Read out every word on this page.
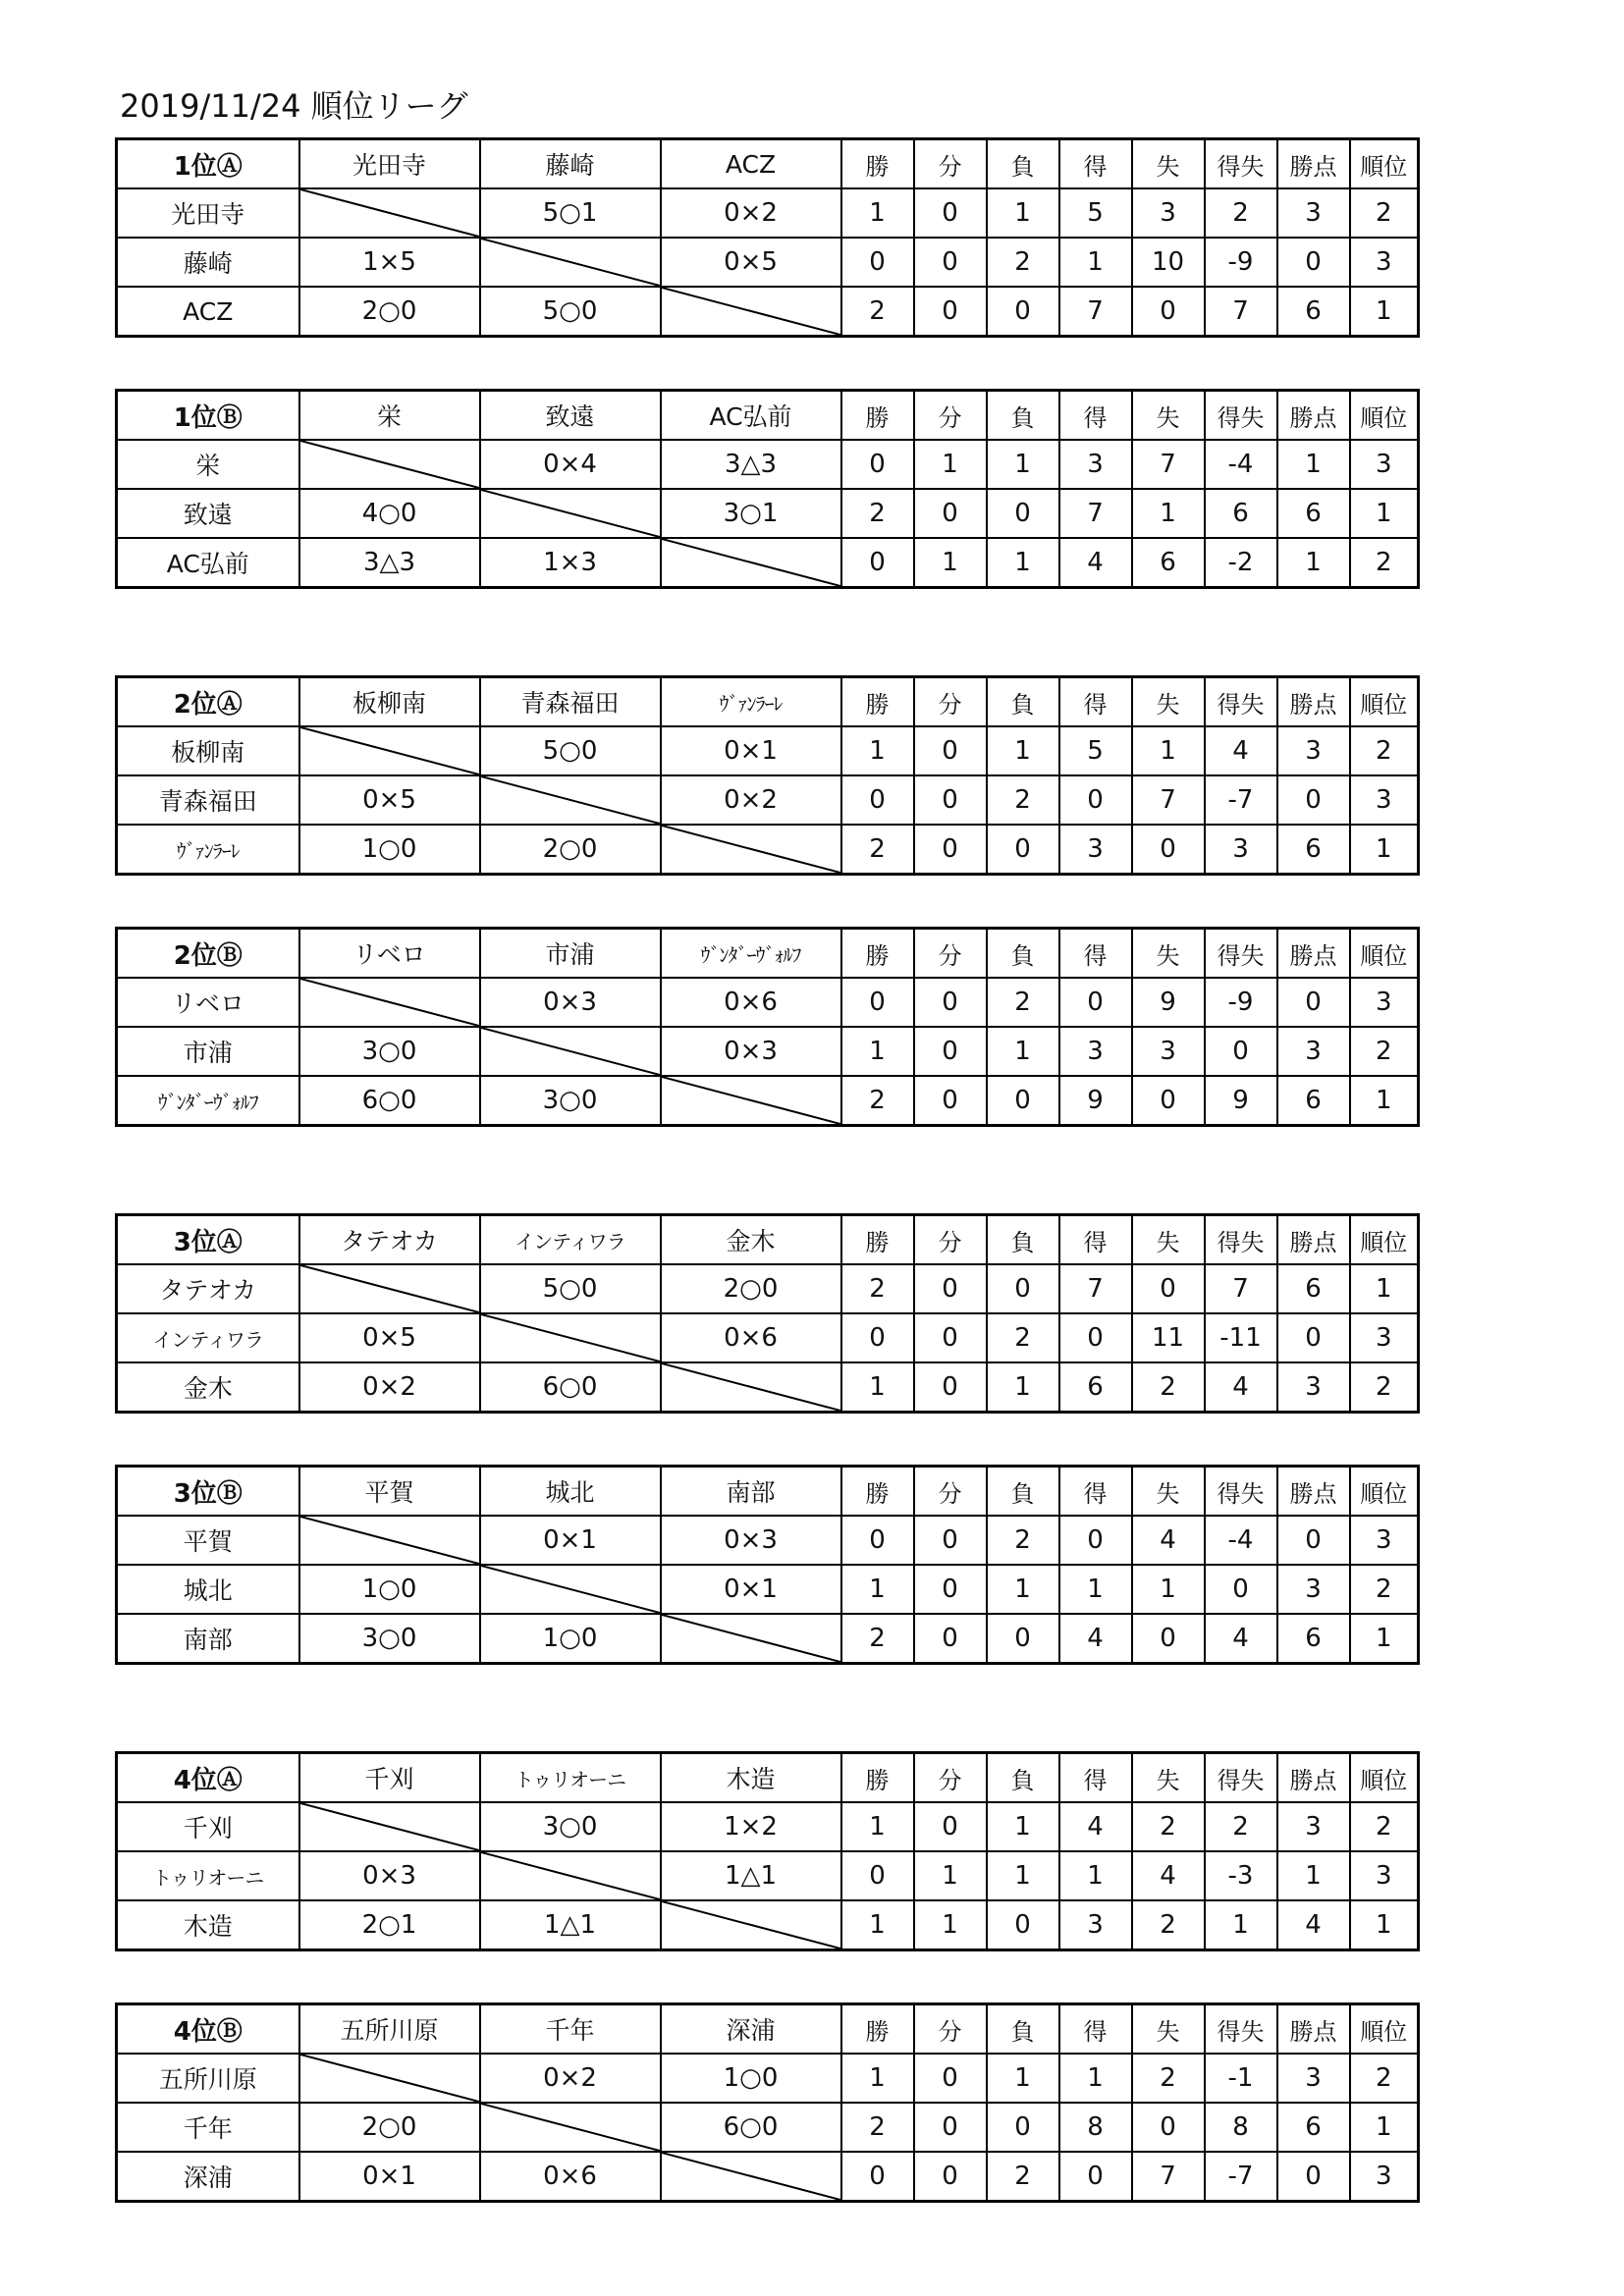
2019/11/24 順位リーグ
1位Ⓐ	光田寺	藤崎	ACZ	勝	分	負	得	失	得失	勝点	順位
光田寺		5○1	0×2	1	0	1	5	3	2	3	2
藤崎	1×5		0×5	0	0	2	1	10	-9	0	3
ACZ	2○0	5○0		2	0	0	7	0	7	6	1
1位Ⓑ	栄	致遠	AC弘前	勝	分	負	得	失	得失	勝点	順位
栄		0×4	3△3	0	1	1	3	7	-4	1	3
致遠	4○0		3○1	2	0	0	7	1	6	6	1
AC弘前	3△3	1×3		0	1	1	4	6	-2	1	2
2位Ⓐ	板柳南	青森福田	ｳﾞｧﾝﾗｰﾚ	勝	分	負	得	失	得失	勝点	順位
板柳南		5○0	0×1	1	0	1	5	1	4	3	2
青森福田	0×5		0×2	0	0	2	0	7	-7	0	3
ｳﾞｧﾝﾗｰﾚ	1○0	2○0		2	0	0	3	0	3	6	1
2位Ⓑ	リベロ	市浦	ｳﾞﾝﾀﾞｰｳﾞｫﾙﾌ	勝	分	負	得	失	得失	勝点	順位
リベロ		0×3	0×6	0	0	2	0	9	-9	0	3
市浦	3○0		0×3	1	0	1	3	3	0	3	2
ｳﾞﾝﾀﾞｰｳﾞｫﾙﾌ	6○0	3○0		2	0	0	9	0	9	6	1
3位Ⓐ	タテオカ	インティワラ	金木	勝	分	負	得	失	得失	勝点	順位
タテオカ		5○0	2○0	2	0	0	7	0	7	6	1
インティワラ	0×5		0×6	0	0	2	0	11	-11	0	3
金木	0×2	6○0		1	0	1	6	2	4	3	2
3位Ⓑ	平賀	城北	南部	勝	分	負	得	失	得失	勝点	順位
平賀		0×1	0×3	0	0	2	0	4	-4	0	3
城北	1○0		0×1	1	0	1	1	1	0	3	2
南部	3○0	1○0		2	0	0	4	0	4	6	1
4位Ⓐ	千刈	トゥリオーニ	木造	勝	分	負	得	失	得失	勝点	順位
千刈		3○0	1×2	1	0	1	4	2	2	3	2
トゥリオーニ	0×3		1△1	0	1	1	1	4	-3	1	3
木造	2○1	1△1		1	1	0	3	2	1	4	1
4位Ⓑ	五所川原	千年	深浦	勝	分	負	得	失	得失	勝点	順位
五所川原		0×2	1○0	1	0	1	1	2	-1	3	2
千年	2○0		6○0	2	0	0	8	0	8	6	1
深浦	0×1	0×6		0	0	2	0	7	-7	0	3
